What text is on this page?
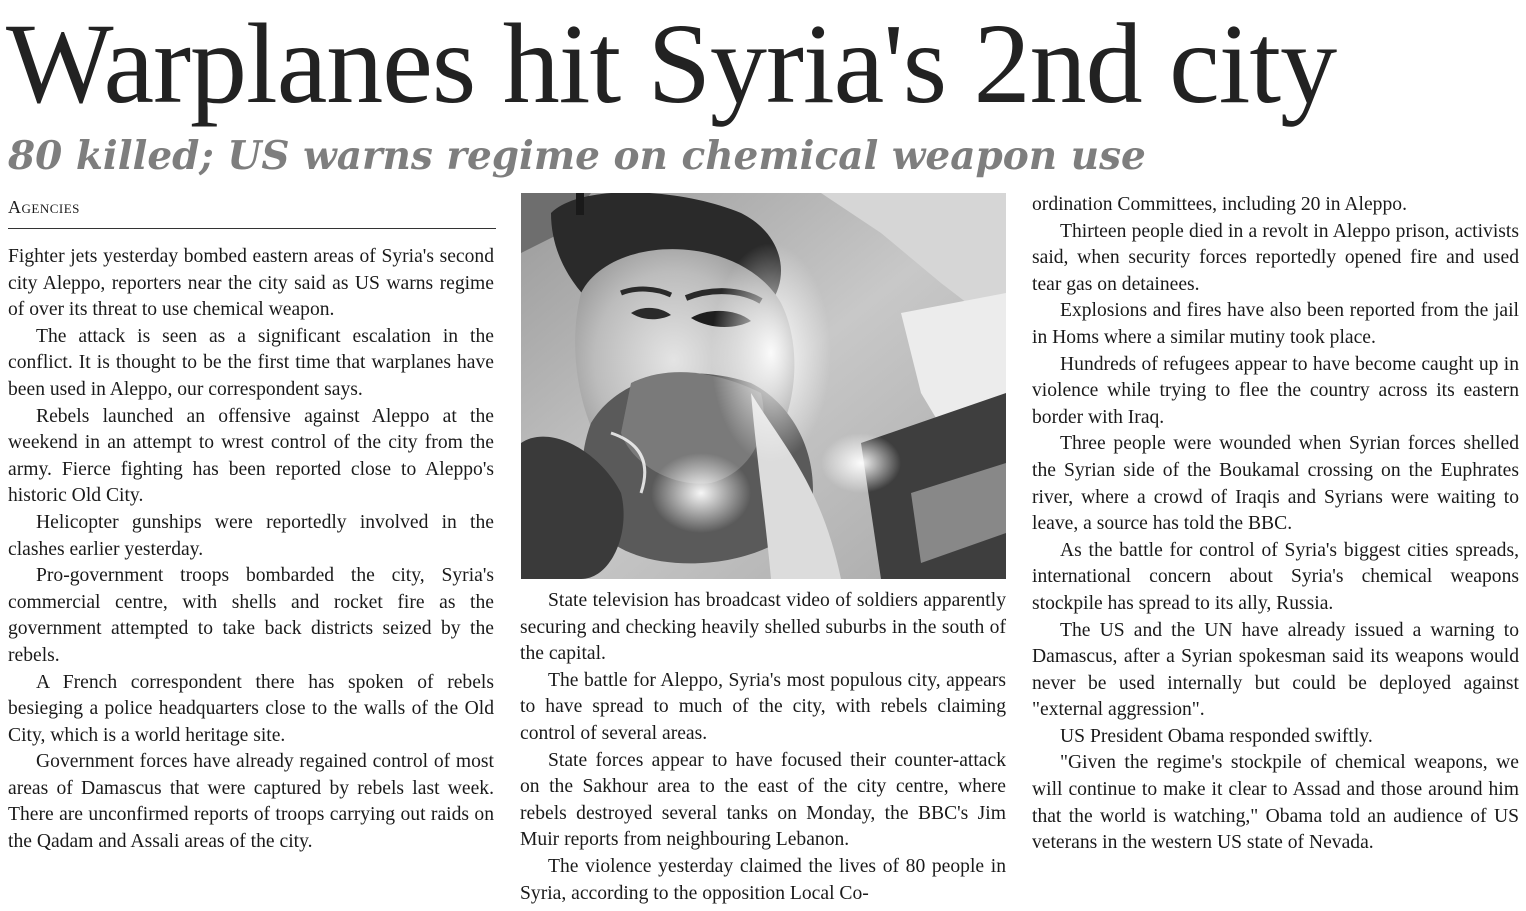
Warplanes hit Syria's 2nd city
80 killed; US warns regime on chemical weapon use
Agencies

Fighter jets yesterday bombed eastern areas of Syria's second city Aleppo, reporters near the city said as US warns regime of over its threat to use chemical weapon.

The attack is seen as a significant escalation in the conflict. It is thought to be the first time that warplanes have been used in Aleppo, our correspondent says.

Rebels launched an offensive against Aleppo at the weekend in an attempt to wrest control of the city from the army. Fierce fighting has been reported close to Aleppo's historic Old City.

Helicopter gunships were reportedly involved in the clashes earlier yesterday.

Pro-government troops bombarded the city, Syria's commercial centre, with shells and rocket fire as the government attempted to take back districts seized by the rebels.

A French correspondent there has spoken of rebels besieging a police headquarters close to the walls of the Old City, which is a world heritage site.

Government forces have already regained control of most areas of Damascus that were captured by rebels last week. There are unconfirmed reports of troops carrying out raids on the Qadam and Assali areas of the city.

State television has broadcast video of soldiers apparently securing and checking heavily shelled suburbs in the south of the capital.

The battle for Aleppo, Syria's most populous city, appears to have spread to much of the city, with rebels claiming control of several areas.

State forces appear to have focused their counter-attack on the Sakhour area to the east of the city centre, where rebels destroyed several tanks on Monday, the BBC's Jim Muir reports from neighbouring Lebanon.

The violence yesterday claimed the lives of 80 people in Syria, according to the opposition Local Co-

ordination Committees, including 20 in Aleppo.

Thirteen people died in a revolt in Aleppo prison, activists said, when security forces reportedly opened fire and used tear gas on detainees.

Explosions and fires have also been reported from the jail in Homs where a similar mutiny took place.

Hundreds of refugees appear to have become caught up in violence while trying to flee the country across its eastern border with Iraq.

Three people were wounded when Syrian forces shelled the Syrian side of the Boukamal crossing on the Euphrates river, where a crowd of Iraqis and Syrians were waiting to leave, a source has told the BBC.

As the battle for control of Syria's biggest cities spreads, international concern about Syria's chemical weapons stockpile has spread to its ally, Russia.

The US and the UN have already issued a warning to Damascus, after a Syrian spokesman said its weapons would never be used internally but could be deployed against "external aggression".

US President Obama responded swiftly.

"Given the regime's stockpile of chemical weapons, we will continue to make it clear to Assad and those around him that the world is watching," Obama told an audience of US veterans in the western US state of Nevada.
